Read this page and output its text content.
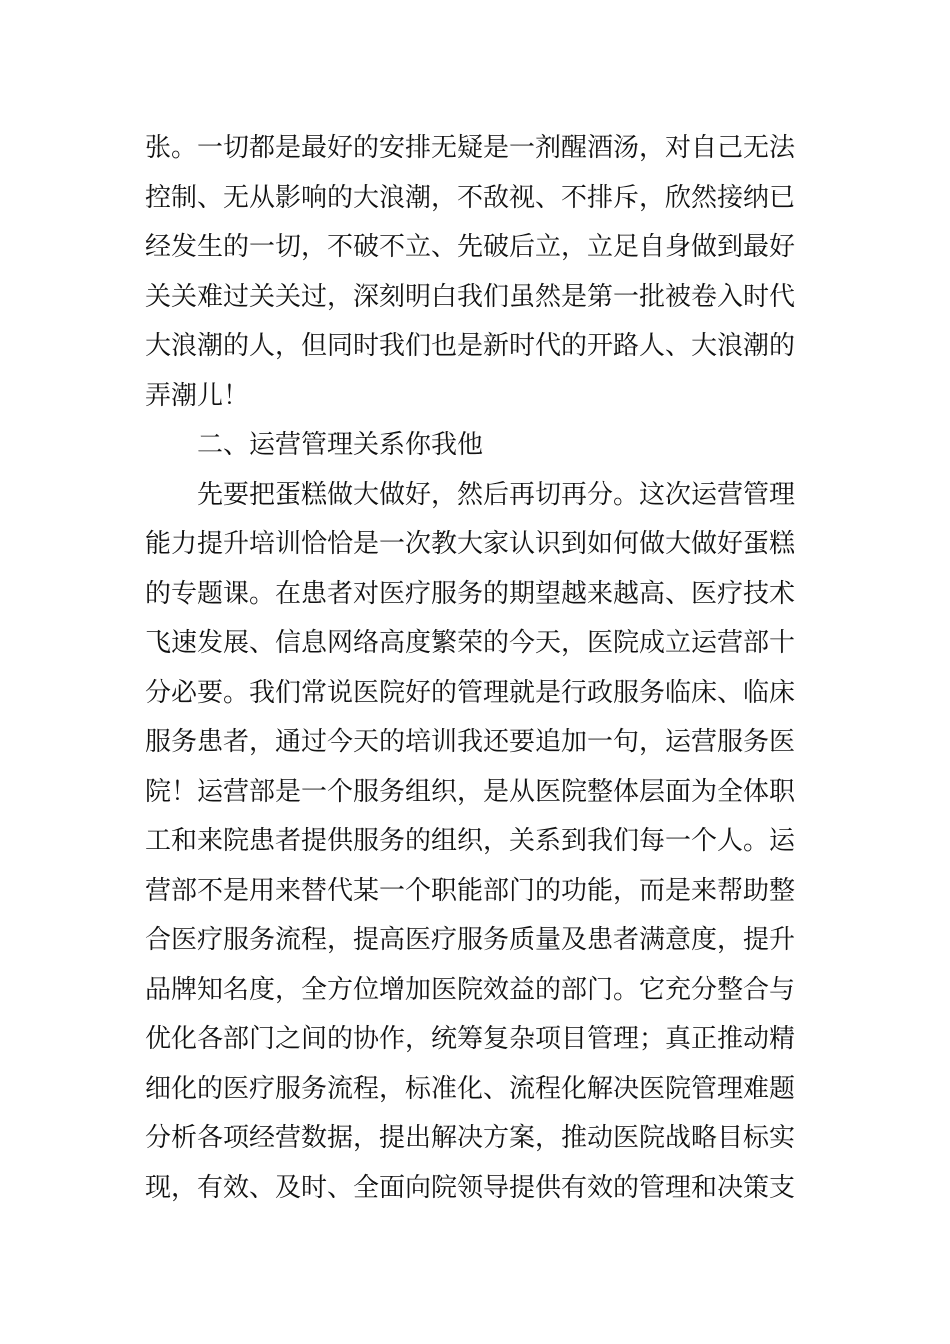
张。一切都是最好的安排无疑是一剂醒酒汤，对自己无法
控制、无从影响的大浪潮，不敌视、不排斥，欣然接纳已
经发生的一切，不破不立、先破后立，立足自身做到最好
关关难过关关过，深刻明白我们虽然是第一批被卷入时代
大浪潮的人，但同时我们也是新时代的开路人、大浪潮的
弄潮儿！
二、运营管理关系你我他
先要把蛋糕做大做好，然后再切再分。这次运营管理
能力提升培训恰恰是一次教大家认识到如何做大做好蛋糕
的专题课。在患者对医疗服务的期望越来越高、医疗技术
飞速发展、信息网络高度繁荣的今天，医院成立运营部十
分必要。我们常说医院好的管理就是行政服务临床、临床
服务患者，通过今天的培训我还要追加一句，运营服务医
院！运营部是一个服务组织，是从医院整体层面为全体职
工和来院患者提供服务的组织，关系到我们每一个人。运
营部不是用来替代某一个职能部门的功能，而是来帮助整
合医疗服务流程，提高医疗服务质量及患者满意度，提升
品牌知名度，全方位增加医院效益的部门。它充分整合与
优化各部门之间的协作，统筹复杂项目管理；真正推动精
细化的医疗服务流程，标准化、流程化解决医院管理难题
分析各项经营数据，提出解决方案，推动医院战略目标实
现，有效、及时、全面向院领导提供有效的管理和决策支
